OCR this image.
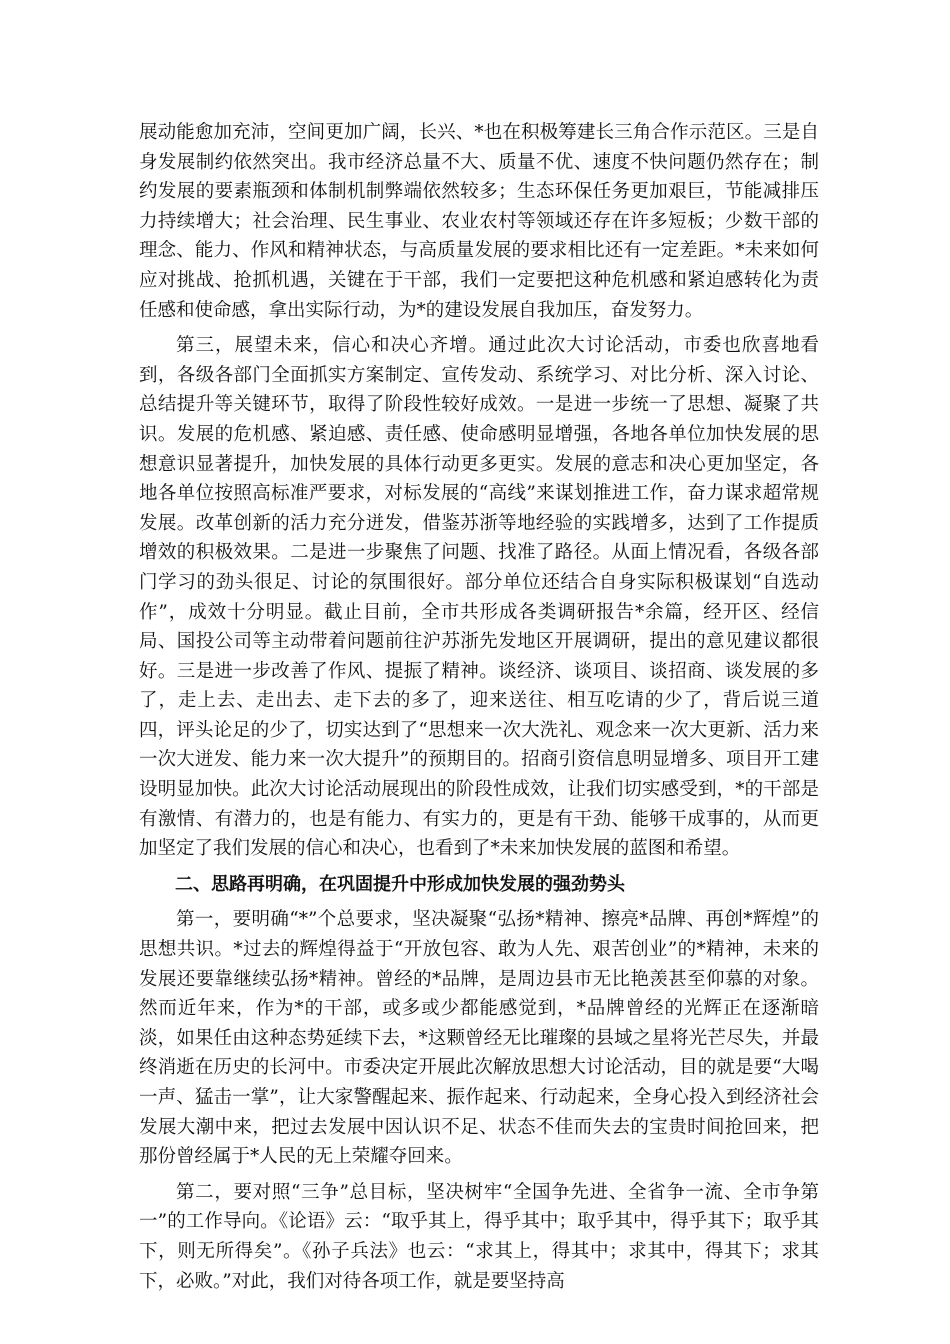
展动能愈加充沛，空间更加广阔，长兴、*也在积极筹建长三角合作示范区。三是自身发展制约依然突出。我市经济总量不大、质量不优、速度不快问题仍然存在；制约发展的要素瓶颈和体制机制弊端依然较多；生态环保任务更加艰巨，节能减排压力持续增大；社会治理、民生事业、农业农村等领域还存在许多短板；少数干部的理念、能力、作风和精神状态，与高质量发展的要求相比还有一定差距。*未来如何应对挑战、抢抓机遇，关键在于干部，我们一定要把这种危机感和紧迫感转化为责任感和使命感，拿出实际行动，为*的建设发展自我加压，奋发努力。

第三，展望未来，信心和决心齐增。通过此次大讨论活动，市委也欣喜地看到，各级各部门全面抓实方案制定、宣传发动、系统学习、对比分析、深入讨论、总结提升等关键环节，取得了阶段性较好成效。一是进一步统一了思想、凝聚了共识。发展的危机感、紧迫感、责任感、使命感明显增强，各地各单位加快发展的思想意识显著提升，加快发展的具体行动更多更实。发展的意志和决心更加坚定，各地各单位按照高标准严要求，对标发展的“高线”来谋划推进工作，奋力谋求超常规发展。改革创新的活力充分迸发，借鉴苏浙等地经验的实践增多，达到了工作提质增效的积极效果。二是进一步聚焦了问题、找准了路径。从面上情况看，各级各部门学习的劲头很足、讨论的氛围很好。部分单位还结合自身实际积极谋划“自选动作”，成效十分明显。截止目前，全市共形成各类调研报告*余篇，经开区、经信局、国投公司等主动带着问题前往沪苏浙先发地区开展调研，提出的意见建议都很好。三是进一步改善了作风、提振了精神。谈经济、谈项目、谈招商、谈发展的多了，走上去、走出去、走下去的多了，迎来送往、相互吃请的少了，背后说三道四，评头论足的少了，切实达到了“思想来一次大洗礼、观念来一次大更新、活力来一次大迸发、能力来一次大提升”的预期目的。招商引资信息明显增多、项目开工建设明显加快。此次大讨论活动展现出的阶段性成效，让我们切实感受到，*的干部是有激情、有潜力的，也是有能力、有实力的，更是有干劲、能够干成事的，从而更加坚定了我们发展的信心和决心，也看到了*未来加快发展的蓝图和希望。

二、思路再明确，在巩固提升中形成加快发展的强劲势头

第一，要明确“*”个总要求，坚决凝聚“弘扬*精神、擦亮*品牌、再创*辉煌”的思想共识。*过去的辉煌得益于“开放包容、敢为人先、艰苦创业”的*精神，未来的发展还要靠继续弘扬*精神。曾经的*品牌，是周边县市无比艳羡甚至仰慕的对象。然而近年来，作为*的干部，或多或少都能感觉到，*品牌曾经的光辉正在逐渐暗淡，如果任由这种态势延续下去，*这颗曾经无比璀璨的县域之星将光芒尽失，并最终消逝在历史的长河中。市委决定开展此次解放思想大讨论活动，目的就是要“大喝一声、猛击一掌”，让大家警醒起来、振作起来、行动起来，全身心投入到经济社会发展大潮中来，把过去发展中因认识不足、状态不佳而失去的宝贵时间抢回来，把那份曾经属于*人民的无上荣耀夺回来。

第二，要对照“三争”总目标，坚决树牢“全国争先进、全省争一流、全市争第一”的工作导向。《论语》云：“取乎其上，得乎其中；取乎其中，得乎其下；取乎其下，则无所得矣”。《孙子兵法》也云：“求其上，得其中；求其中，得其下；求其下，必败。”对此，我们对待各项工作，就是要坚持高
